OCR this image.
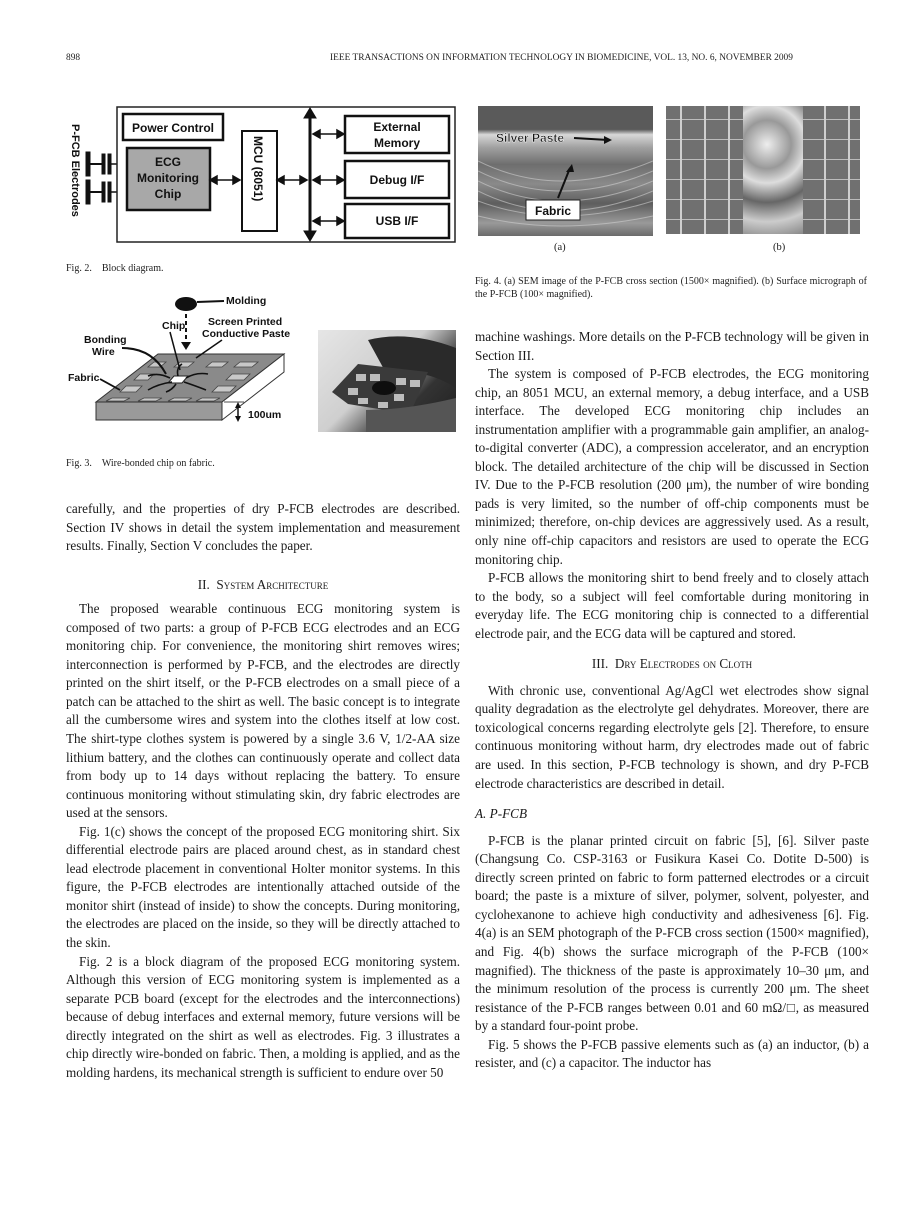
898	IEEE TRANSACTIONS ON INFORMATION TECHNOLOGY IN BIOMEDICINE, VOL. 13, NO. 6, NOVEMBER 2009
P-FCB Electrodes	Power Control
ECG
Monitoring
Chip	MCU (8051)
External
Memory
Debug I/F
USB I/F
Fig. 2. Block diagram.
Molding
Chip Screen Printed
Conductive Paste
Bonding
Wire
Fabric
100um
Fig. 3. Wire-bonded chip on fabric.
Silver Paste
Fabric
(a)	(b)
Fig. 4. (a) SEM image of the P-FCB cross section (1500× magnified). (b) Surface micrograph of the P-FCB (100× magnified).

carefully, and the properties of dry P-FCB electrodes are described. Section IV shows in detail the system implementation and measurement results. Finally, Section V concludes the paper.

II. System Architecture

The proposed wearable continuous ECG monitoring system is composed of two parts: a group of P-FCB ECG electrodes and an ECG monitoring chip. For convenience, the monitoring shirt removes wires; interconnection is performed by P-FCB, and the electrodes are directly printed on the shirt itself, or the P-FCB electrodes on a small piece of a patch can be attached to the shirt as well. The basic concept is to integrate all the cumbersome wires and system into the clothes itself at low cost. The shirt-type clothes system is powered by a single 3.6 V, 1/2-AA size lithium battery, and the clothes can continuously operate and collect data from body up to 14 days without replacing the battery. To ensure continuous monitoring without stimulating skin, dry fabric electrodes are used at the sensors.

Fig. 1(c) shows the concept of the proposed ECG monitoring shirt. Six differential electrode pairs are placed around chest, as in standard chest lead electrode placement in conventional Holter monitor systems. In this figure, the P-FCB electrodes are intentionally attached outside of the monitor shirt (instead of inside) to show the concepts. During monitoring, the electrodes are placed on the inside, so they will be directly attached to the skin.

Fig. 2 is a block diagram of the proposed ECG monitoring system. Although this version of ECG monitoring system is implemented as a separate PCB board (except for the electrodes and the interconnections) because of debug interfaces and external memory, future versions will be directly integrated on the shirt as well as electrodes. Fig. 3 illustrates a chip directly wire-bonded on fabric. Then, a molding is applied, and as the molding hardens, its mechanical strength is sufficient to endure over 50

machine washings. More details on the P-FCB technology will be given in Section III.

The system is composed of P-FCB electrodes, the ECG monitoring chip, an 8051 MCU, an external memory, a debug interface, and a USB interface. The developed ECG monitoring chip includes an instrumentation amplifier with a programmable gain amplifier, an analog-to-digital converter (ADC), a compression accelerator, and an encryption block. The detailed architecture of the chip will be discussed in Section IV. Due to the P-FCB resolution (200 μm), the number of wire bonding pads is very limited, so the number of off-chip components must be minimized; therefore, on-chip devices are aggressively used. As a result, only nine off-chip capacitors and resistors are used to operate the ECG monitoring chip.

P-FCB allows the monitoring shirt to bend freely and to closely attach to the body, so a subject will feel comfortable during monitoring in everyday life. The ECG monitoring chip is connected to a differential electrode pair, and the ECG data will be captured and stored.

III. Dry Electrodes on Cloth

With chronic use, conventional Ag/AgCl wet electrodes show signal quality degradation as the electrolyte gel dehydrates. Moreover, there are toxicological concerns regarding electrolyte gels [2]. Therefore, to ensure continuous monitoring without harm, dry electrodes made out of fabric are used. In this section, P-FCB technology is shown, and dry P-FCB electrode characteristics are described in detail.

A. P-FCB

P-FCB is the planar printed circuit on fabric [5], [6]. Silver paste (Changsung Co. CSP-3163 or Fusikura Kasei Co. Dotite D-500) is directly screen printed on fabric to form patterned electrodes or a circuit board; the paste is a mixture of silver, polymer, solvent, polyester, and cyclohexanone to achieve high conductivity and adhesiveness [6]. Fig. 4(a) is an SEM photograph of the P-FCB cross section (1500× magnified), and Fig. 4(b) shows the surface micrograph of the P-FCB (100× magnified). The thickness of the paste is approximately 10–30 μm, and the minimum resolution of the process is currently 200 μm. The sheet resistance of the P-FCB ranges between 0.01 and 60 mΩ/□, as measured by a standard four-point probe.

Fig. 5 shows the P-FCB passive elements such as (a) an inductor, (b) a resister, and (c) a capacitor. The inductor has
